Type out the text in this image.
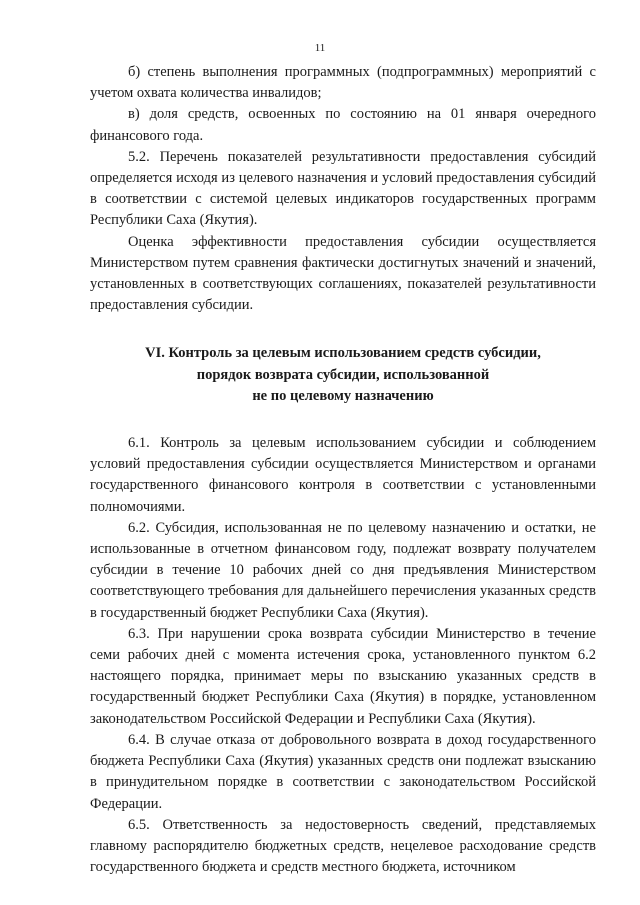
11

б) степень выполнения программных (подпрограммных) мероприятий с учетом охвата количества инвалидов;

в) доля средств, освоенных по состоянию на 01 января очередного финансового года.

5.2. Перечень показателей результативности предоставления субсидий определяется исходя из целевого назначения и условий предоставления субсидий в соответствии с системой целевых индикаторов государственных программ Республики Саха (Якутия).

Оценка эффективности предоставления субсидии осуществляется Министерством путем сравнения фактически достигнутых значений и значений, установленных в соответствующих соглашениях, показателей результативности предоставления субсидии.

VI. Контроль за целевым использованием средств субсидии,
порядок возврата субсидии, использованной
не по целевому назначению

6.1. Контроль за целевым использованием субсидии и соблюдением условий предоставления субсидии осуществляется Министерством и органами государственного финансового контроля в соответствии с установленными полномочиями.

6.2. Субсидия, использованная не по целевому назначению и остатки, не использованные в отчетном финансовом году, подлежат возврату получателем субсидии в течение 10 рабочих дней со дня предъявления Министерством соответствующего требования для дальнейшего перечисления указанных средств в государственный бюджет Республики Саха (Якутия).

6.3. При нарушении срока возврата субсидии Министерство в течение семи рабочих дней с момента истечения срока, установленного пунктом 6.2 настоящего порядка, принимает меры по взысканию указанных средств в государственный бюджет Республики Саха (Якутия) в порядке, установленном законодательством Российской Федерации и Республики Саха (Якутия).

6.4. В случае отказа от добровольного возврата в доход государственного бюджета Республики Саха (Якутия) указанных средств они подлежат взысканию в принудительном порядке в соответствии с законодательством Российской Федерации.

6.5. Ответственность за недостоверность сведений, представляемых главному распорядителю бюджетных средств, нецелевое расходование средств государственного бюджета и средств местного бюджета, источником
